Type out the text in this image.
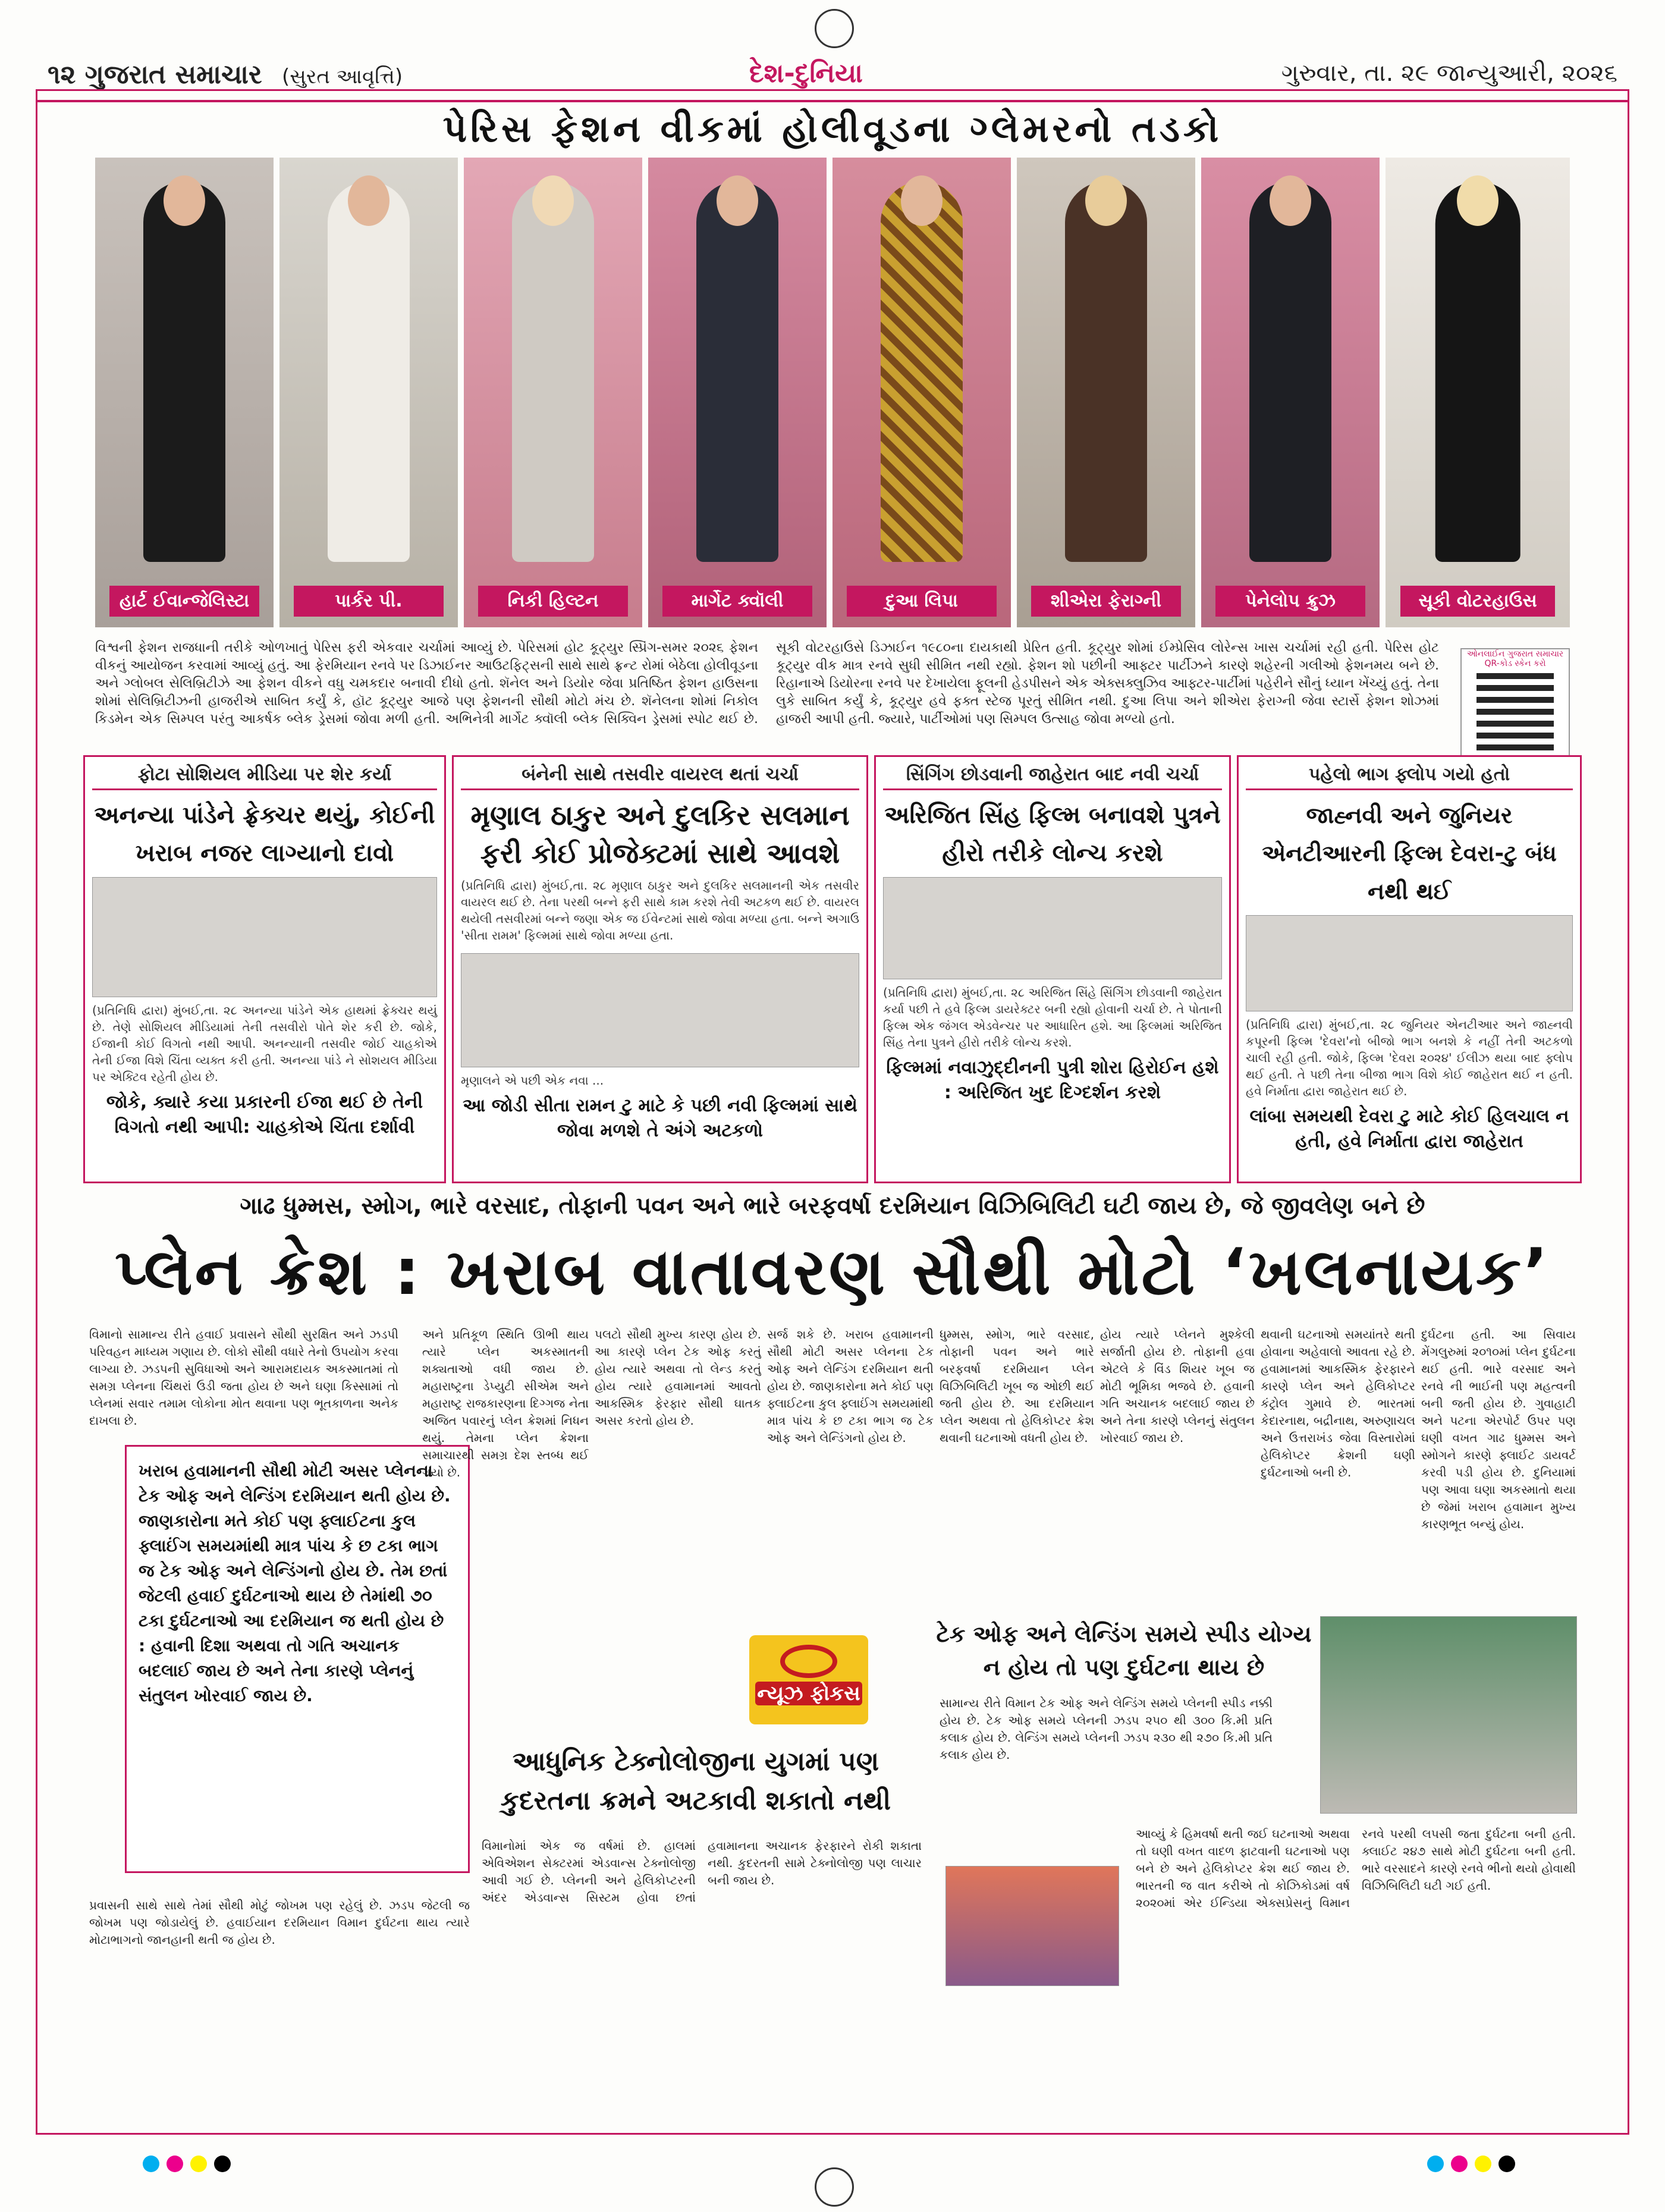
૧૨ ગુજરાત સમાચાર (સુરત આવૃત્તિ)	દેશ-દુનિયા	ગુરુવાર, તા. ૨૯ જાન્યુઆરી, ૨૦૨૬
પેરિસ ફેશન વીકમાં હોલીવૂડના ગ્લેમરનો તડકો
હાર્ટ ઈવાન્જેલિસ્ટા	પાર્કર પી.	નિકી હિલ્ટન	માર્ગેટ ક્વૉલી	દુઆ લિપા	શીએરા ફેરાગ્ની	પેનેલોપ ક્રુઝ	સૂકી વોટરહાઉસ
વિશ્વની ફેશન રાજધાની તરીકે ઓળખાતું પેરિસ ફરી એકવાર ચર્ચામાં આવ્યું છે. પેરિસમાં હોટ કૂટ્યુર સ્પ્રિંગ-સમર ૨૦૨૬ ફેશન વીકનું આયોજન કરવામાં આવ્યું હતું. આ ફેરમિયાન રનવે પર ડિઝાઈનર આઉટફિટ્સની સાથે સાથે ફ્રન્ટ રોમાં બેઠેલા હોલીવૂડના અને ગ્લોબલ સેલિબ્રિટીઝે આ ફેશન વીકને વધુ ચમકદાર બનાવી દીધો હતો. શૅનેલ અને ડિયોર જેવા પ્રતિષ્ઠિત ફેશન હાઉસના શોમાં સેલિબ્રિટીઝની હાજરીએ સાબિત કર્યું કે, હૉટ કૂટ્યુર આજે પણ ફેશનની સૌથી મોટો મંચ છે. શૅનેલના શોમાં નિકોલ કિડમેન એક સિમ્પલ પરંતુ આકર્ષક બ્લેક ડ્રેસમાં જોવા મળી હતી. અભિનેત્રી માર્ગેટ ક્વૉલી બ્લેક સિક્વિન ડ્રેસમાં સ્પોટ થઈ છે. સૂકી વોટરહાઉસે ડિઝાઈન ૧૯૮૦ના દાયકાથી પ્રેરિત હતી. કૂટ્યુર શોમાં ઈમ્પ્રેસિવ લોરેન્સ ખાસ ચર્ચામાં રહી હતી. પેરિસ હોટ કૂટ્યુર વીક માત્ર રનવે સુધી સીમિત નથી રહ્યો. ફેશન શો પછીની આફ્ટર પાર્ટીઝને કારણે શહેરની ગલીઓ ફેશનમય બને છે. રિહાનાએ ડિયોરના રનવે પર દેખાયેલા ફૂલની હેડપીસને એક એક્સક્લુઝિવ આફ્ટર-પાર્ટીમાં પહેરીને સૌનું ધ્યાન ખેંચ્યું હતું. તેના લુકે સાબિત કર્યું કે, કૂટ્યુર હવે ફક્ત સ્ટેજ પૂરતું સીમિત નથી. દુઆ લિપા અને શીએરા ફેરાગ્ની જેવા સ્ટાર્સે ફેશન શોઝમાં હાજરી આપી હતી. જ્યારે, પાર્ટીઓમાં પણ સિમ્પલ ઉત્સાહ જોવા મળ્યો હતો.
ઓનલાઈન ગુજરાત સમાચાર QR-કોડ સ્કેન કરો
ફોટા સોશિયલ મીડિયા પર શેર કર્યા
અનન્યા પાંડેને ફ્રેક્ચર થયું, કોઈની ખરાબ નજર લાગ્યાનો દાવો
(પ્રતિનિધિ દ્વારા) મુંબઈ,તા. ૨૮ અનન્યા પાંડેને એક હાથમાં ફ્રેક્ચર થયું છે. તેણે સોશિયલ મીડિયામાં તેની તસવીરો પોતે શેર કરી છે. જોકે, ઈજાની કોઈ વિગતો નથી આપી. અનન્યાની તસવીર જોઈ ચાહકોએ તેની ઈજા વિશે ચિંતા વ્યક્ત કરી હતી. અનન્યા પાંડે ને સોશયલ મીડિયા પર એક્ટિવ રહેતી હોય છે.
જોકે, ક્યારે કયા પ્રકારની ઈજા થઈ છે તેની વિગતો નથી આપી: ચાહકોએ ચિંતા દર્શાવી
બંનેની સાથે તસવીર વાયરલ થતાં ચર્ચા
મૃણાલ ઠાકુર અને દુલકિર સલમાન ફરી કોઈ પ્રોજેક્ટમાં સાથે આવશે
(પ્રતિનિધિ દ્વારા) મુંબઈ,તા. ૨૮ મૃણાલ ઠાકુર અને દુલકિર સલમાનની એક તસવીર વાયરલ થઈ છે. તેના પરથી બન્ને ફરી સાથે કામ કરશે તેવી અટકળ થઈ છે. વાયરલ થયેલી તસવીરમાં બન્ને જણા એક જ ઈવેન્ટમાં સાથે જોવા મળ્યા હતા. બન્ને અગાઉ 'સીતા રામમ' ફિલ્મમાં સાથે જોવા મળ્યા હતા.
મૃણાલને એ પછી એક નવા ...
આ જોડી સીતા રામન ટુ માટે કે પછી નવી ફિલ્મમાં સાથે જોવા મળશે તે અંગે અટકળો
સિંગિંગ છોડવાની જાહેરાત બાદ નવી ચર્ચા
અરિજિત સિંહ ફિલ્મ બનાવશે પુત્રને હીરો તરીકે લોન્ચ કરશે
(પ્રતિનિધિ દ્વારા) મુંબઈ,તા. ૨૮ અરિજિત સિંહે સિંગિંગ છોડવાની જાહેરાત કર્યા પછી તે હવે ફિલ્મ ડાયરેક્ટર બની રહ્યો હોવાની ચર્ચા છે. તે પોતાની ફિલ્મ એક જંગલ એડવેન્ચર પર આધારિત હશે. આ ફિલ્મમાં અરિજિત સિંહ તેના પુત્રને હીરો તરીકે લોન્ચ કરશે.
ફિલ્મમાં નવાઝુદ્દીનની પુત્રી શોરા હિરોઈન હશે : અરિજિત ખુદ દિગ્દર્શન કરશે
પહેલો ભાગ ફ્લોપ ગયો હતો
જાહ્નવી અને જુનિયર એનટીઆરની ફિલ્મ દેવરા-ટુ બંધ નથી થઈ
(પ્રતિનિધિ દ્વારા) મુંબઈ,તા. ૨૮ જુનિયર એનટીઆર અને જાહ્નવી કપૂરની ફિલ્મ 'દેવરા'નો બીજો ભાગ બનશે કે નહીં તેની અટકળો ચાલી રહી હતી. જોકે, ફિલ્મ 'દેવરા ૨૦૨૪' ઈલીઝ થયા બાદ ફ્લોપ થઈ હતી. તે પછી તેના બીજા ભાગ વિશે કોઈ જાહેરાત થઈ ન હતી. હવે નિર્માતા દ્વારા જાહેરાત થઈ છે.
લાંબા સમયથી દેવરા ટુ માટે કોઈ હિલચાલ ન હતી, હવે નિર્માતા દ્વારા જાહેરાત
ગાઢ ધુમ્મસ, સ્મોગ, ભારે વરસાદ, તોફાની પવન અને ભારે બરફવર્ષા દરમિયાન વિઝિબિલિટી ઘટી જાય છે, જે જીવલેણ બને છે
પ્લેન ક્રેશ : ખરાબ વાતાવરણ સૌથી મોટો ‘ખલનાયક’
વિમાનો સામાન્ય રીતે હવાઈ પ્રવાસને સૌથી સુરક્ષિત અને ઝડપી પરિવહન માધ્યમ ગણાય છે. લોકો સૌથી વધારે તેનો ઉપયોગ કરવા લાગ્યા છે. ઝડપની સુવિધાઓ અને આરામદાયક અકસ્માતમાં તો સમગ્ર પ્લેનના ચિંથરાં ઉડી જતા હોય છે અને ઘણા કિસ્સામાં તો પ્લેનમાં સવાર તમામ લોકોના મોત થવાના પણ ભૂતકાળના અનેક દાખલા છે.
ખરાબ હવામાનની સૌથી મોટી અસર પ્લેનના ટેક ઓફ અને લેન્ડિંગ દરમિયાન થતી હોય છે. જાણકારોના મતે કોઈ પણ ફ્લાઈટના કુલ ફ્લાઈંગ સમયમાંથી માત્ર પાંચ કે છ ટકા ભાગ જ ટેક ઓફ અને લેન્ડિંગનો હોય છે. તેમ છતાં જેટલી હવાઈ દુર્ઘટનાઓ થાય છે તેમાંથી ૭૦ ટકા દુર્ઘટનાઓ આ દરમિયાન જ થતી હોય છે : હવાની દિશા અથવા તો ગતિ અચાનક બદલાઈ જાય છે અને તેના કારણે પ્લેનનું સંતુલન ખોરવાઈ જાય છે.
અને પ્રતિકૂળ સ્થિતિ ઊભી થાય ત્યારે પ્લેન અકસ્માતની શક્યતાઓ વધી જાય છે. મહારાષ્ટ્રના ડેપ્યુટી સીએમ અને મહારાષ્ટ્ર રાજકારણના દિગ્ગજ નેતા અજિત પવારનું પ્લેન ક્રેશમાં નિધન થયું. તેમના પ્લેન ક્રેશના સમાચારથી સમગ્ર દેશ સ્તબ્ધ થઈ ગયો છે.
પલટો સૌથી મુખ્ય કારણ હોય છે. આ કારણે પ્લેન ટેક ઓફ કરતું હોય ત્યારે અથવા તો લેન્ડ કરતું હોય ત્યારે હવામાનમાં આવતો આકસ્મિક ફેરફાર સૌથી ઘાતક અસર કરતો હોય છે.
ન્યૂઝ ફોકસ
સર્જ શકે છે. ખરાબ હવામાનની સૌથી મોટી અસર પ્લેનના ટેક ઓફ અને લેન્ડિંગ દરમિયાન થતી હોય છે. જાણકારોના મતે કોઈ પણ ફ્લાઈટના કુલ ફ્લાઈંગ સમયમાંથી માત્ર પાંચ કે છ ટકા ભાગ જ ટેક ઓફ અને લેન્ડિંગનો હોય છે.
ધુમ્મસ, સ્મોગ, ભારે વરસાદ, તોફાની પવન અને ભારે બરફવર્ષા દરમિયાન પ્લેન વિઝિબિલિટી ખૂબ જ ઓછી થઈ જતી હોય છે. આ દરમિયાન પ્લેન અથવા તો હેલિકોપ્ટર ક્રેશ થવાની ઘટનાઓ વધતી હોય છે.
હોય ત્યારે પ્લેનને મુશ્કેલી સર્જાતી હોય છે. તોફાની હવા એટલે કે વિંડ શિયર ખૂબ જ મોટી ભૂમિકા ભજવે છે. હવાની ગતિ અચાનક બદલાઈ જાય છે અને તેના કારણે પ્લેનનું સંતુલન ખોરવાઈ જાય છે.
થવાની ઘટનાઓ સમયાંતરે થતી હોવાના અહેવાલો આવતા રહે છે. હવામાનમાં આકસ્મિક ફેરફારને કારણે પ્લેન અને હેલિકોપ્ટર કંટ્રોલ ગુમાવે છે. ભારતમાં કેદારનાથ, બદ્રીનાથ, અરુણાચલ અને ઉત્તરાખંડ જેવા વિસ્તારોમાં હેલિકોપ્ટર ક્રેશની ઘણી દુર્ઘટનાઓ બની છે.
દુર્ઘટના હતી. આ સિવાય મેંગલુરુમાં ૨૦૧૦માં પ્લેન દુર્ઘટના થઈ હતી. ભારે વરસાદ અને રનવે ની ભાઈની પણ મહત્વની બની જતી હોય છે. ગુવાહાટી અને પટના એરપોર્ટ ઉપર પણ ઘણી વખત ગાઢ ધુમ્મસ અને સ્મોગને કારણે ફ્લાઈટ ડાયવર્ટ કરવી પડી હોય છે. દુનિયામાં પણ આવા ઘણા અકસ્માતો થયા છે જેમાં ખરાબ હવામાન મુખ્ય કારણભૂત બન્યું હોય.
ટેક ઓફ અને લેન્ડિંગ સમયે સ્પીડ યોગ્ય ન હોય તો પણ દુર્ઘટના થાય છે
સામાન્ય રીતે વિમાન ટેક ઓફ અને લેન્ડિંગ સમયે પ્લેનની સ્પીડ નક્કી હોય છે. ટેક ઓફ સમયે પ્લેનની ઝડપ ૨૫૦ થી ૩૦૦ કિ.મી પ્રતિ કલાક હોય છે. લેન્ડિંગ સમયે પ્લેનની ઝડપ ૨૩૦ થી ૨૭૦ કિ.મી પ્રતિ કલાક હોય છે.
આધુનિક ટેક્નોલોજીના યુગમાં પણ કુદરતના ક્રમને અટકાવી શકાતો નથી
વિમાનોમાં એક જ વર્ષમાં છે. હાલમાં એવિએશન સેક્ટરમાં એડવાન્સ ટેક્નોલોજી આવી ગઈ છે. પ્લેનની અને હેલિકોપ્ટરની અંદર એડવાન્સ સિસ્ટમ હોવા છતાં હવામાનના અચાનક ફેરફારને રોકી શકાતા નથી. કુદરતની સામે ટેક્નોલોજી પણ લાચાર બની જાય છે.
પ્રવાસની સાથે સાથે તેમાં સૌથી મોટું જોખમ પણ રહેલું છે. ઝડપ જેટલી જ જોખમ પણ જોડાયેલું છે. હવાઈયાન દરમિયાન વિમાન દુર્ઘટના થાય ત્યારે મોટાભાગનો જાનહાની થતી જ હોય છે.
આવ્યું કે હિમવર્ષા થતી જઈ ઘટનાઓ અથવા તો ઘણી વખત વાદળ ફાટવાની ઘટનાઓ પણ બને છે અને હેલિકોપ્ટર ક્રેશ થઈ જાય છે. ભારતની જ વાત કરીએ તો કોઝિકોડમાં વર્ષ ૨૦૨૦માં એર ઈન્ડિયા એક્સપ્રેસનું વિમાન રનવે પરથી લપસી જતા દુર્ઘટના બની હતી. ક્લાઈટ ૨૪૭ સાથે મોટી દુર્ઘટના બની હતી. ભારે વરસાદને કારણે રનવે ભીનો થયો હોવાથી વિઝિબિલિટી ઘટી ગઈ હતી.
